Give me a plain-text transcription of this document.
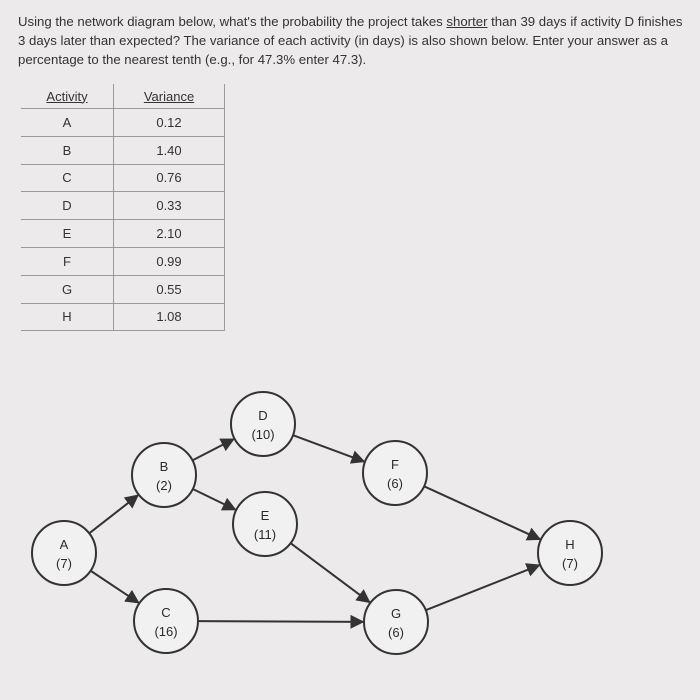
Using the network diagram below, what's the probability the project takes shorter than 39 days if activity D finishes 3 days later than expected? The variance of each activity (in days) is also shown below. Enter your answer as a percentage to the nearest tenth (e.g., for 47.3% enter 47.3).
Activity	Variance
A	0.12
B	1.40
C	0.76
D	0.33
E	2.10
F	0.99
G	0.55
H	1.08
A
(7)
B
(2)
C
(16)
D
(10)
E
(11)
F
(6)
G
(6)
H
(7)
